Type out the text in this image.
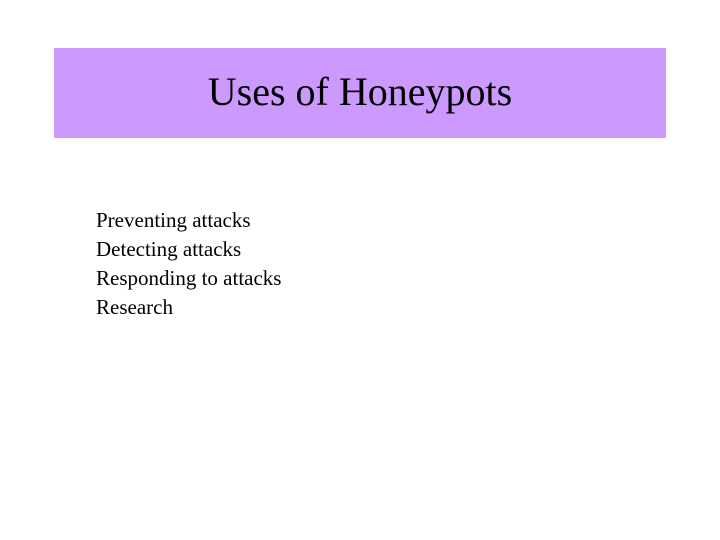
Uses of Honeypots
Preventing attacks
Detecting attacks
Responding to attacks
Research
